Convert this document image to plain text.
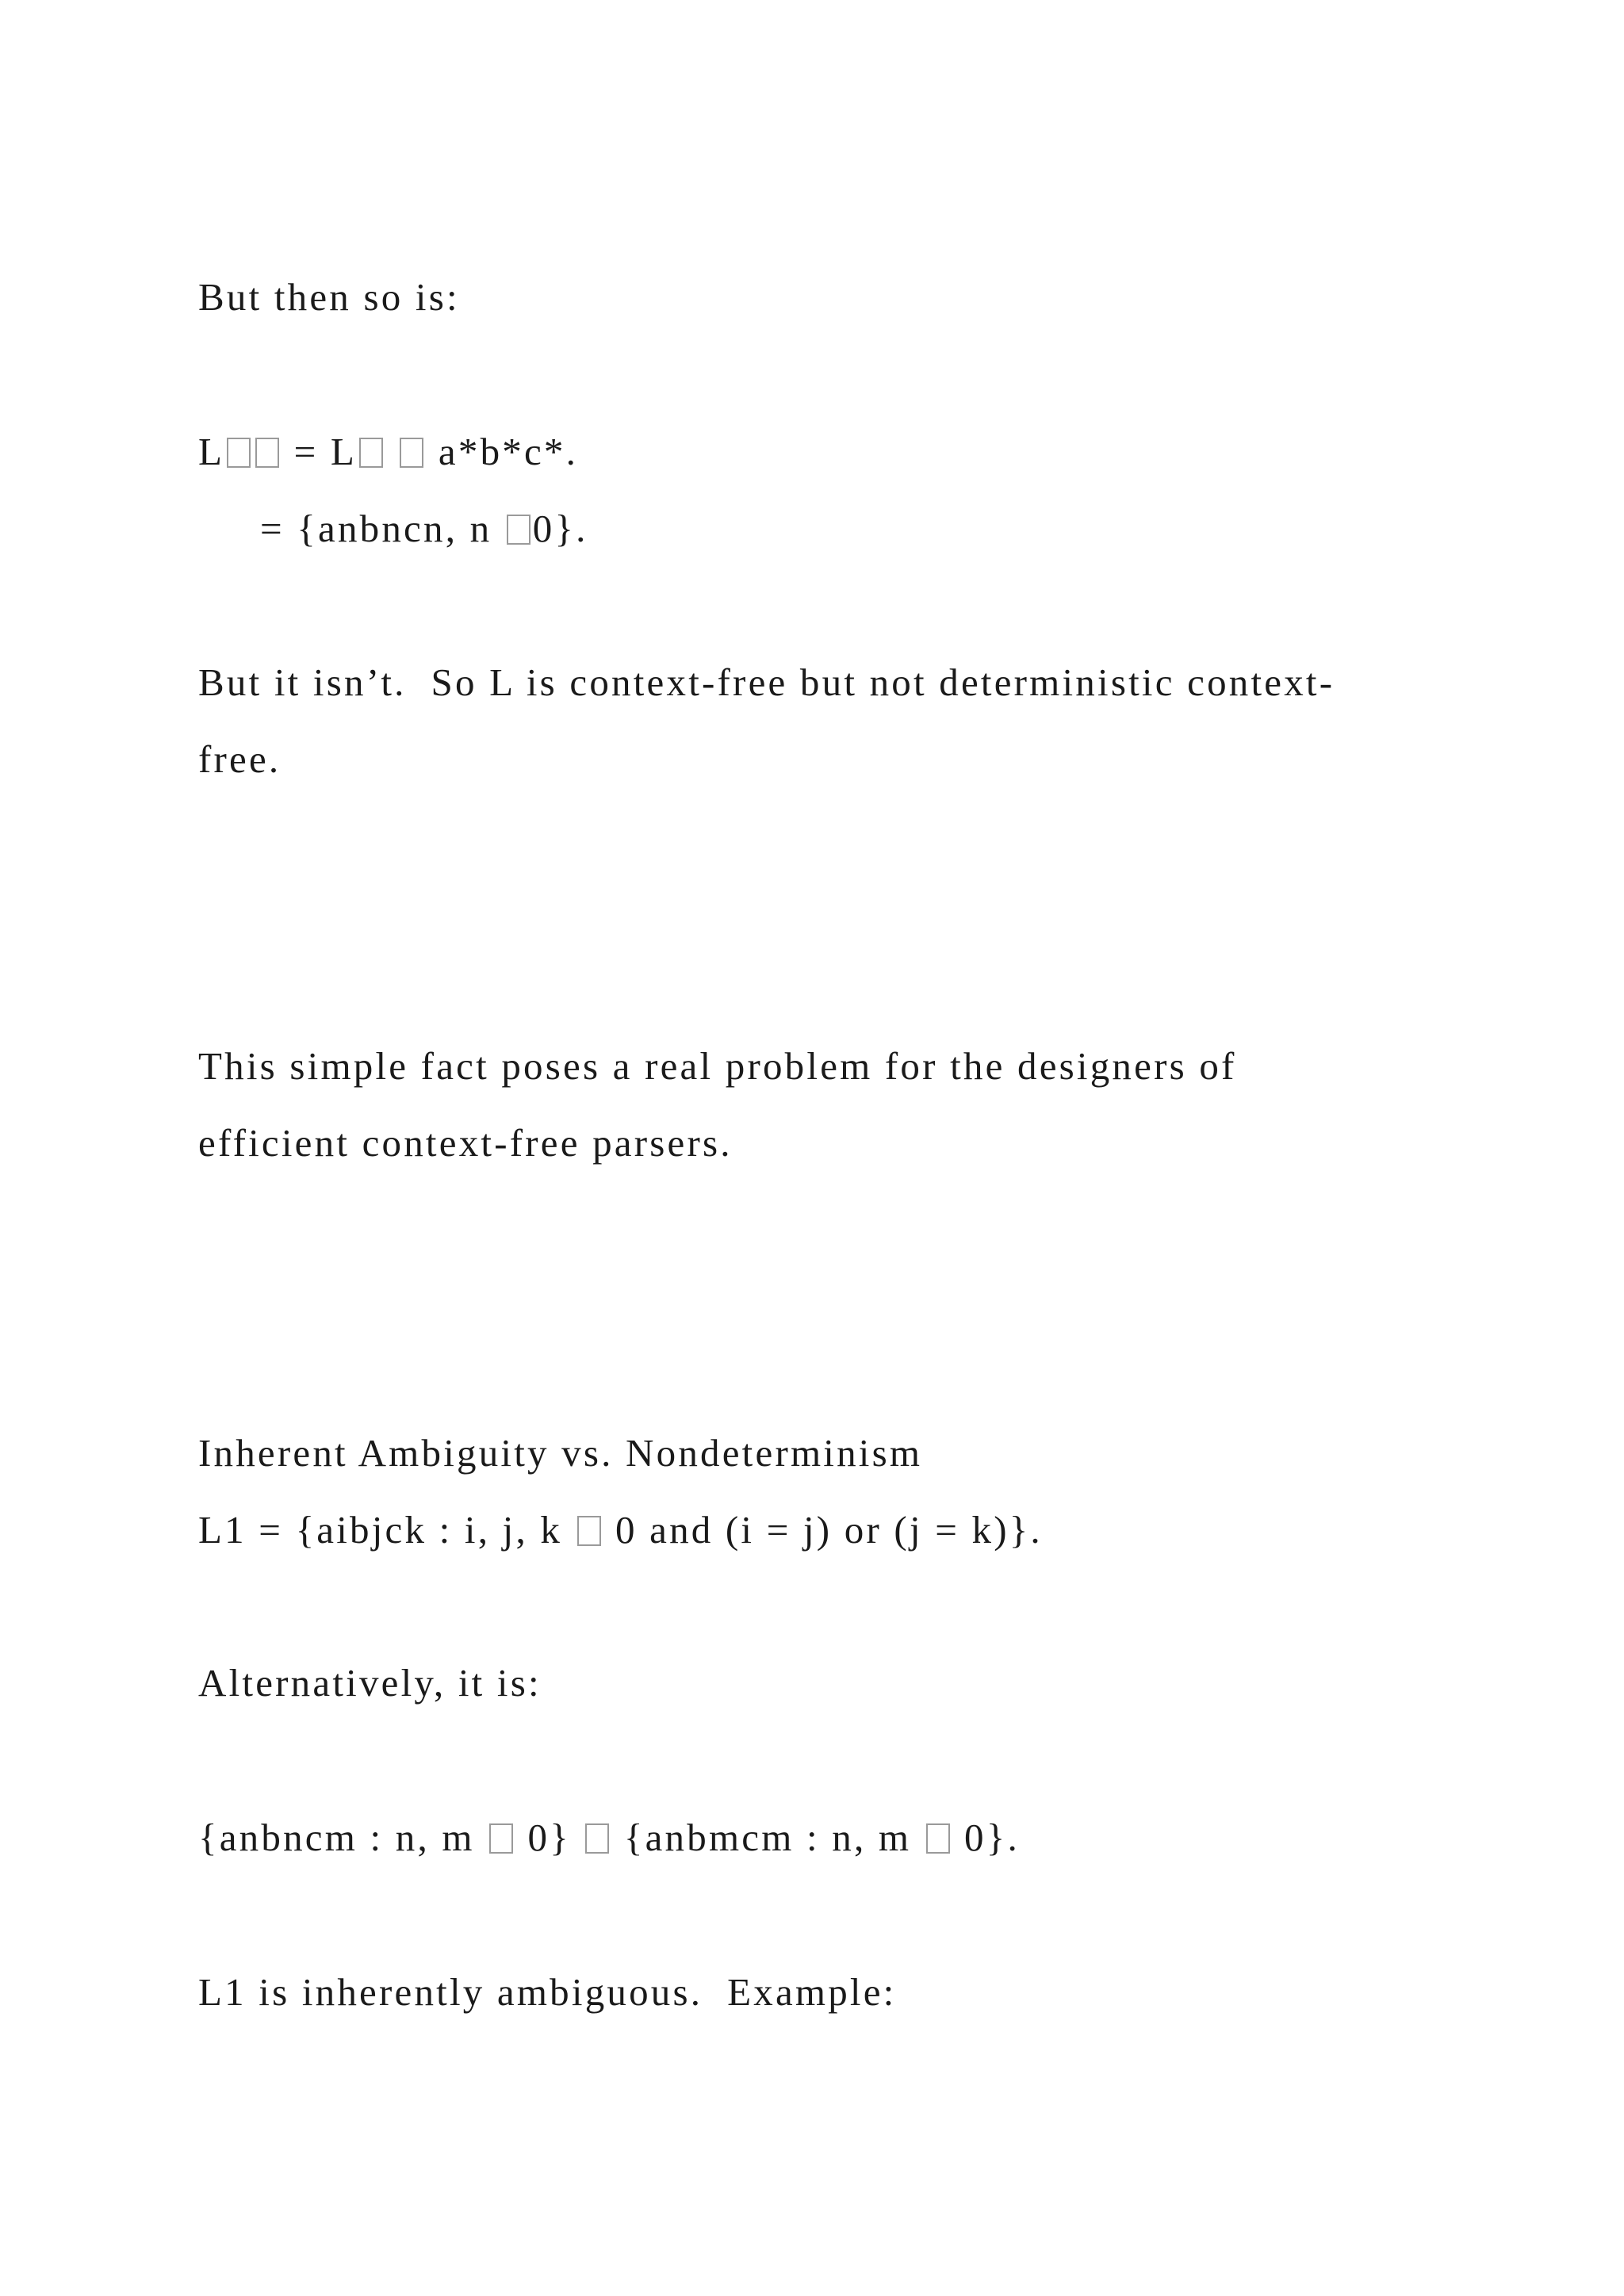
But then so is:

L = L  a*b*c*.

= {anbncn, n 0}.

But it isn’t.  So L is context-free but not deterministic context-

free.

This simple fact poses a real problem for the designers of

efficient context-free parsers.

Inherent Ambiguity vs. Nondeterminism

L1 = {aibjck : i, j, k  0 and (i = j) or (j = k)}.

Alternatively, it is:

{anbncm : n, m  0}  {anbmcm : n, m  0}.

L1 is inherently ambiguous.  Example:
